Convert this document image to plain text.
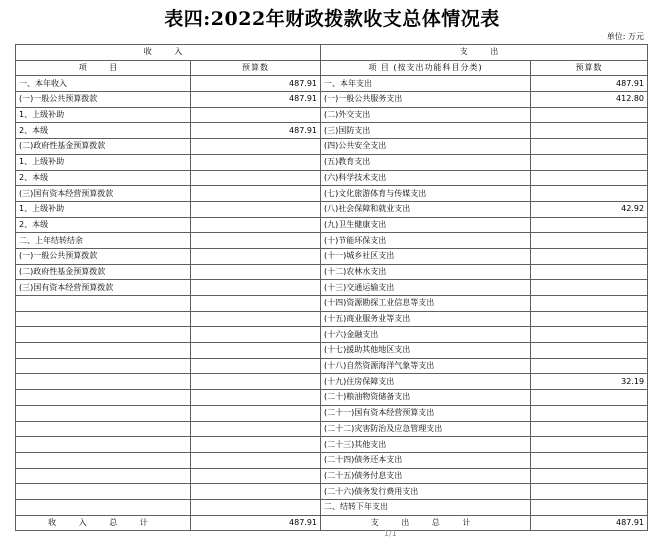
表四:2022年财政拨款收支总体情况表
单位: 万元
收 入		支 出	
项 目	预算数	项 目 (按支出功能科目分类)	预算数
一、本年收入	487.91	一、本年支出	487.91
(一)一般公共预算拨款	487.91	(一)一般公共服务支出	412.80
1、上级补助		(二)外交支出	
2、本级	487.91	(三)国防支出	
(二)政府性基金预算拨款		(四)公共安全支出	
1、上级补助		(五)教育支出	
2、本级		(六)科学技术支出	
(三)国有资本经营预算拨款		(七)文化旅游体育与传媒支出	
1、上级补助		(八)社会保障和就业支出	42.92
2、本级		(九)卫生健康支出	
二、上年结转结余		(十)节能环保支出	
(一)一般公共预算拨款		(十一)城乡社区支出	
(二)政府性基金预算拨款		(十二)农林水支出	
(三)国有资本经营预算拨款		(十三)交通运输支出	
		(十四)资源勘探工业信息等支出	
		(十五)商业服务业等支出	
		(十六)金融支出	
		(十七)援助其他地区支出	
		(十八)自然资源海洋气象等支出	
		(十九)住房保障支出	32.19
		(二十)粮油物资储备支出	
		(二十一)国有资本经营预算支出	
		(二十二)灾害防治及应急管理支出	
		(二十三)其他支出	
		(二十四)债务还本支出	
		(二十五)债务付息支出	
		(二十六)债务发行费用支出	
		二、结转下年支出	
收 入 总 计	487.91	支 出 总 计	487.91
1/1
